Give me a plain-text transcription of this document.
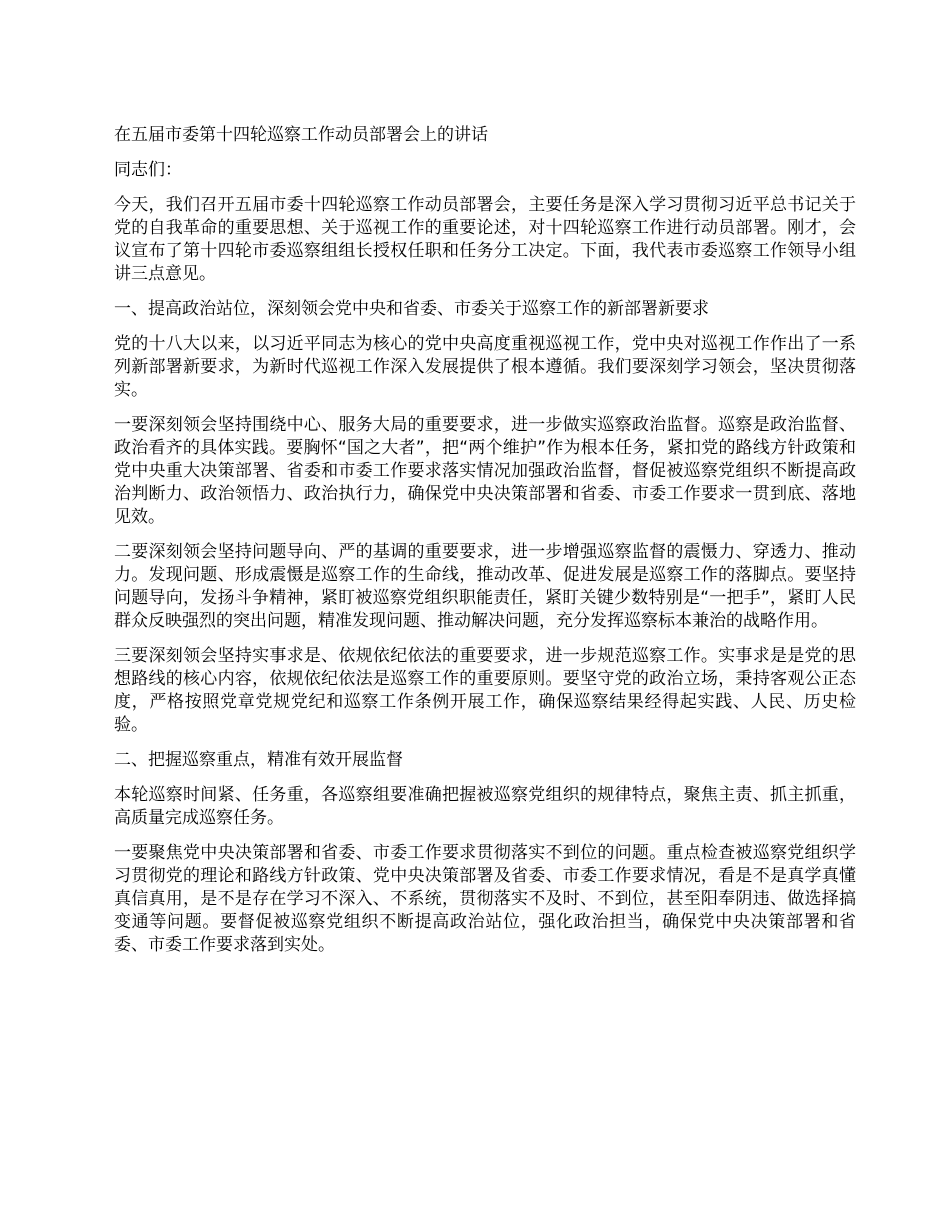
在五届市委第十四轮巡察工作动员部署会上的讲话
同志们：
今天，我们召开五届市委十四轮巡察工作动员部署会，主要任务是深入学习贯彻习近平总书记关于党的自我革命的重要思想、关于巡视工作的重要论述，对十四轮巡察工作进行动员部署。刚才，会议宣布了第十四轮市委巡察组组长授权任职和任务分工决定。下面，我代表市委巡察工作领导小组讲三点意见。
一、提高政治站位，深刻领会党中央和省委、市委关于巡察工作的新部署新要求
党的十八大以来，以习近平同志为核心的党中央高度重视巡视工作，党中央对巡视工作作出了一系列新部署新要求，为新时代巡视工作深入发展提供了根本遵循。我们要深刻学习领会，坚决贯彻落实。
一要深刻领会坚持围绕中心、服务大局的重要要求，进一步做实巡察政治监督。巡察是政治监督、政治看齐的具体实践。要胸怀“国之大者”，把“两个维护”作为根本任务，紧扣党的路线方针政策和党中央重大决策部署、省委和市委工作要求落实情况加强政治监督，督促被巡察党组织不断提高政治判断力、政治领悟力、政治执行力，确保党中央决策部署和省委、市委工作要求一贯到底、落地见效。
二要深刻领会坚持问题导向、严的基调的重要要求，进一步增强巡察监督的震慑力、穿透力、推动力。发现问题、形成震慑是巡察工作的生命线，推动改革、促进发展是巡察工作的落脚点。要坚持问题导向，发扬斗争精神，紧盯被巡察党组织职能责任，紧盯关键少数特别是“一把手”，紧盯人民群众反映强烈的突出问题，精准发现问题、推动解决问题，充分发挥巡察标本兼治的战略作用。
三要深刻领会坚持实事求是、依规依纪依法的重要要求，进一步规范巡察工作。实事求是是党的思想路线的核心内容，依规依纪依法是巡察工作的重要原则。要坚守党的政治立场，秉持客观公正态度，严格按照党章党规党纪和巡察工作条例开展工作，确保巡察结果经得起实践、人民、历史检验。
二、把握巡察重点，精准有效开展监督
本轮巡察时间紧、任务重，各巡察组要准确把握被巡察党组织的规律特点，聚焦主责、抓主抓重，高质量完成巡察任务。
一要聚焦党中央决策部署和省委、市委工作要求贯彻落实不到位的问题。重点检查被巡察党组织学习贯彻党的理论和路线方针政策、党中央决策部署及省委、市委工作要求情况，看是不是真学真懂真信真用，是不是存在学习不深入、不系统，贯彻落实不及时、不到位，甚至阳奉阴违、做选择搞变通等问题。要督促被巡察党组织不断提高政治站位，强化政治担当，确保党中央决策部署和省委、市委工作要求落到实处。
